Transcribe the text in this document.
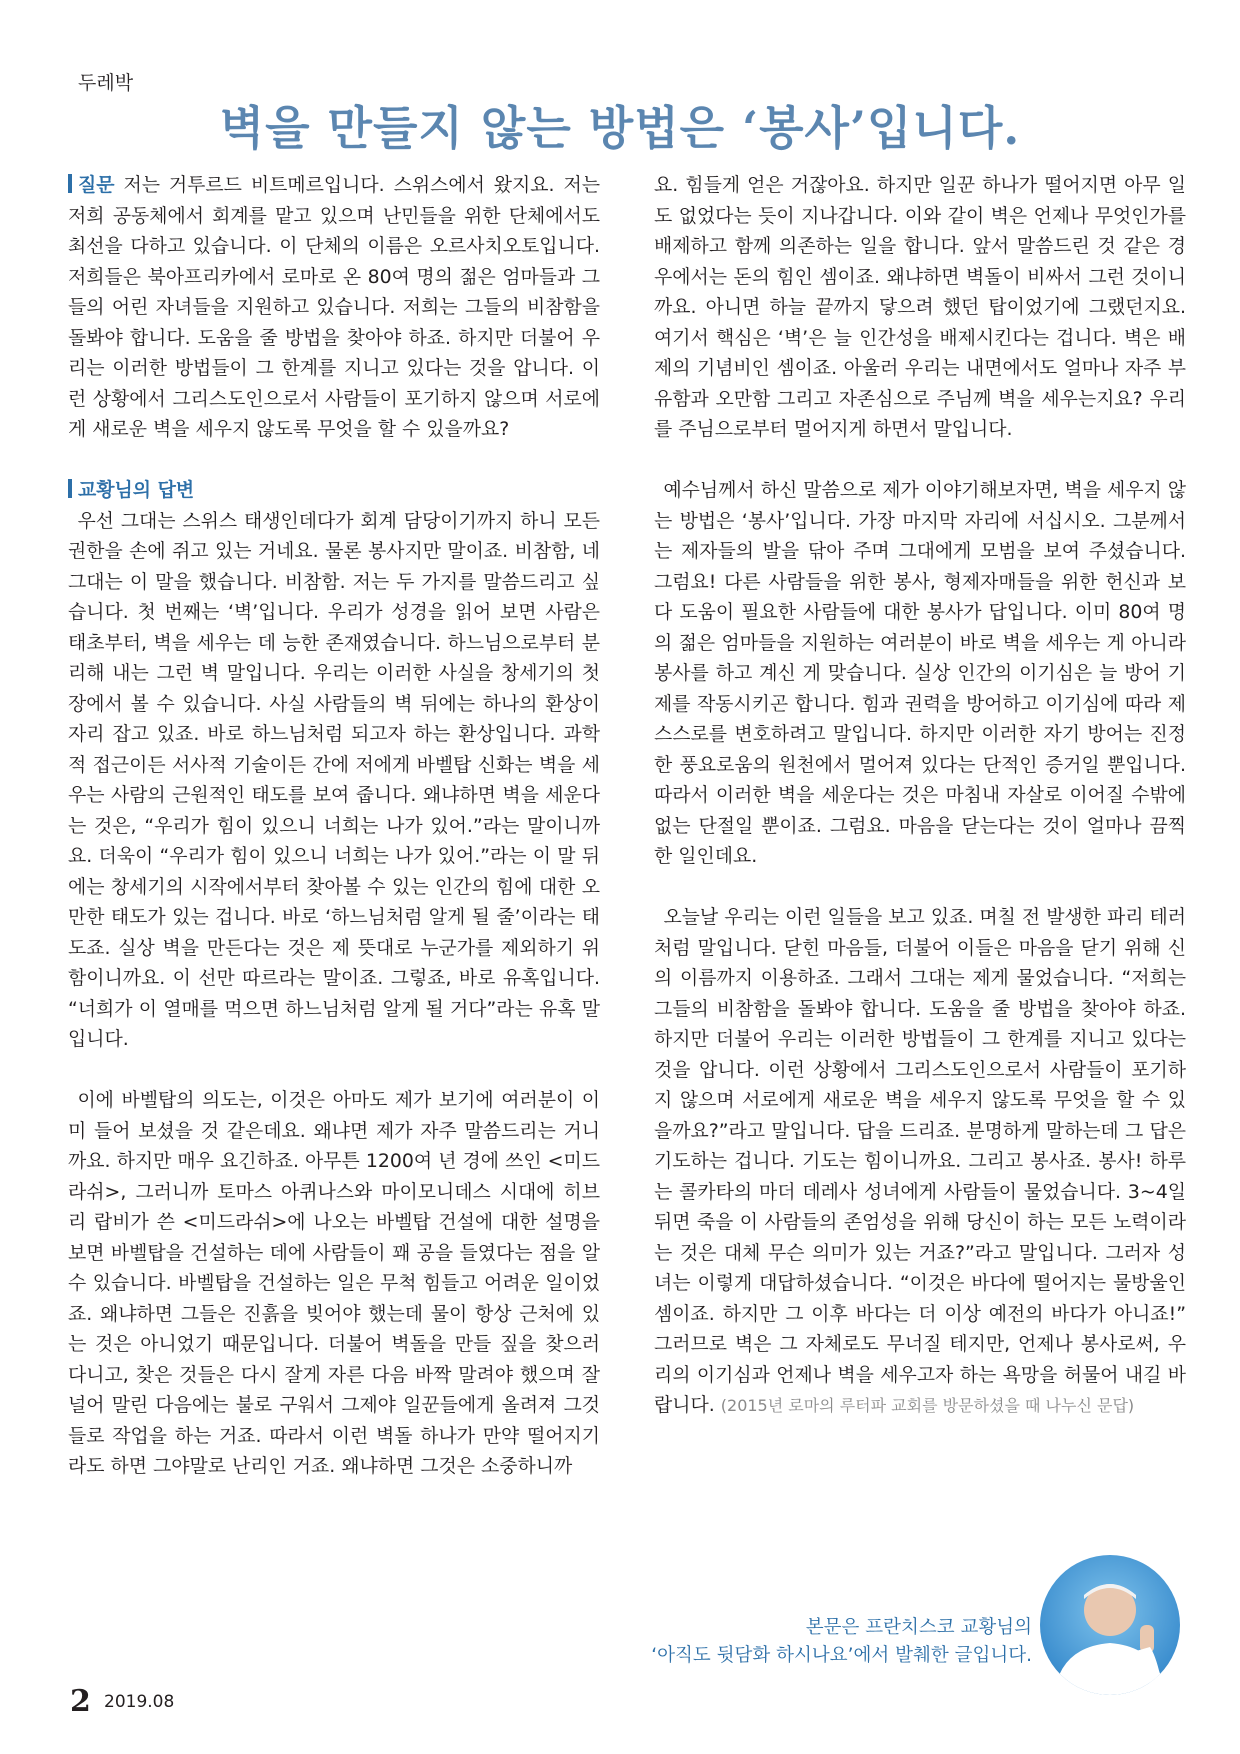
두레박
벽을 만들지 않는 방법은 ‘봉사’입니다.

질문 저는 거투르드 비트메르입니다. 스위스에서 왔지요. 저는 저희 공동체에서 회계를 맡고 있으며 난민들을 위한 단체에서도 최선을 다하고 있습니다. 이 단체의 이름은 오르사치오토입니다. 저희들은 북아프리카에서 로마로 온 80여 명의 젊은 엄마들과 그들의 어린 자녀들을 지원하고 있습니다. 저희는 그들의 비참함을 돌봐야 합니다. 도움을 줄 방법을 찾아야 하죠. 하지만 더불어 우리는 이러한 방법들이 그 한계를 지니고 있다는 것을 압니다. 이런 상황에서 그리스도인으로서 사람들이 포기하지 않으며 서로에게 새로운 벽을 세우지 않도록 무엇을 할 수 있을까요?

교황님의 답변

우선 그대는 스위스 태생인데다가 회계 담당이기까지 하니 모든 권한을 손에 쥐고 있는 거네요. 물론 봉사지만 말이죠. 비참함, 네 그대는 이 말을 했습니다. 비참함. 저는 두 가지를 말씀드리고 싶습니다. 첫 번째는 ‘벽’입니다. 우리가 성경을 읽어 보면 사람은 태초부터, 벽을 세우는 데 능한 존재였습니다. 하느님으로부터 분리해 내는 그런 벽 말입니다. 우리는 이러한 사실을 창세기의 첫 장에서 볼 수 있습니다. 사실 사람들의 벽 뒤에는 하나의 환상이 자리 잡고 있죠. 바로 하느님처럼 되고자 하는 환상입니다. 과학적 접근이든 서사적 기술이든 간에 저에게 바벨탑 신화는 벽을 세우는 사람의 근원적인 태도를 보여 줍니다. 왜냐하면 벽을 세운다는 것은, “우리가 힘이 있으니 너희는 나가 있어.”라는 말이니까요. 더욱이 “우리가 힘이 있으니 너희는 나가 있어.”라는 이 말 뒤에는 창세기의 시작에서부터 찾아볼 수 있는 인간의 힘에 대한 오만한 태도가 있는 겁니다. 바로 ‘하느님처럼 알게 될 줄’이라는 태도죠. 실상 벽을 만든다는 것은 제 뜻대로 누군가를 제외하기 위함이니까요. 이 선만 따르라는 말이죠. 그렇죠, 바로 유혹입니다. “너희가 이 열매를 먹으면 하느님처럼 알게 될 거다”라는 유혹 말입니다.

이에 바벨탑의 의도는, 이것은 아마도 제가 보기에 여러분이 이미 들어 보셨을 것 같은데요. 왜냐면 제가 자주 말씀드리는 거니까요. 하지만 매우 요긴하죠. 아무튼 1200여 년 경에 쓰인 <미드라쉬>, 그러니까 토마스 아퀴나스와 마이모니데스 시대에 히브리 랍비가 쓴 <미드라쉬>에 나오는 바벨탑 건설에 대한 설명을 보면 바벨탑을 건설하는 데에 사람들이 꽤 공을 들였다는 점을 알 수 있습니다. 바벨탑을 건설하는 일은 무척 힘들고 어려운 일이었죠. 왜냐하면 그들은 진흙을 빚어야 했는데 물이 항상 근처에 있는 것은 아니었기 때문입니다. 더불어 벽돌을 만들 짚을 찾으러 다니고, 찾은 것들은 다시 잘게 자른 다음 바짝 말려야 했으며 잘 널어 말린 다음에는 불로 구워서 그제야 일꾼들에게 올려져 그것들로 작업을 하는 거죠. 따라서 이런 벽돌 하나가 만약 떨어지기라도 하면 그야말로 난리인 거죠. 왜냐하면 그것은 소중하니까

요. 힘들게 얻은 거잖아요. 하지만 일꾼 하나가 떨어지면 아무 일도 없었다는 듯이 지나갑니다. 이와 같이 벽은 언제나 무엇인가를 배제하고 함께 의존하는 일을 합니다. 앞서 말씀드린 것 같은 경우에서는 돈의 힘인 셈이죠. 왜냐하면 벽돌이 비싸서 그런 것이니까요. 아니면 하늘 끝까지 닿으려 했던 탑이었기에 그랬던지요. 여기서 핵심은 ‘벽’은 늘 인간성을 배제시킨다는 겁니다. 벽은 배제의 기념비인 셈이죠. 아울러 우리는 내면에서도 얼마나 자주 부유함과 오만함 그리고 자존심으로 주님께 벽을 세우는지요? 우리를 주님으로부터 멀어지게 하면서 말입니다.

예수님께서 하신 말씀으로 제가 이야기해보자면, 벽을 세우지 않는 방법은 ‘봉사’입니다. 가장 마지막 자리에 서십시오. 그분께서는 제자들의 발을 닦아 주며 그대에게 모범을 보여 주셨습니다. 그럼요! 다른 사람들을 위한 봉사, 형제자매들을 위한 헌신과 보다 도움이 필요한 사람들에 대한 봉사가 답입니다. 이미 80여 명의 젊은 엄마들을 지원하는 여러분이 바로 벽을 세우는 게 아니라 봉사를 하고 계신 게 맞습니다. 실상 인간의 이기심은 늘 방어 기제를 작동시키곤 합니다. 힘과 권력을 방어하고 이기심에 따라 제 스스로를 변호하려고 말입니다. 하지만 이러한 자기 방어는 진정한 풍요로움의 원천에서 멀어져 있다는 단적인 증거일 뿐입니다. 따라서 이러한 벽을 세운다는 것은 마침내 자살로 이어질 수밖에 없는 단절일 뿐이죠. 그럼요. 마음을 닫는다는 것이 얼마나 끔찍한 일인데요.

오늘날 우리는 이런 일들을 보고 있죠. 며칠 전 발생한 파리 테러처럼 말입니다. 닫힌 마음들, 더불어 이들은 마음을 닫기 위해 신의 이름까지 이용하죠. 그래서 그대는 제게 물었습니다. “저희는 그들의 비참함을 돌봐야 합니다. 도움을 줄 방법을 찾아야 하죠. 하지만 더불어 우리는 이러한 방법들이 그 한계를 지니고 있다는 것을 압니다. 이런 상황에서 그리스도인으로서 사람들이 포기하지 않으며 서로에게 새로운 벽을 세우지 않도록 무엇을 할 수 있을까요?”라고 말입니다. 답을 드리죠. 분명하게 말하는데 그 답은 기도하는 겁니다. 기도는 힘이니까요. 그리고 봉사죠. 봉사! 하루는 콜카타의 마더 데레사 성녀에게 사람들이 물었습니다. 3~4일 뒤면 죽을 이 사람들의 존엄성을 위해 당신이 하는 모든 노력이라는 것은 대체 무슨 의미가 있는 거죠?”라고 말입니다. 그러자 성녀는 이렇게 대답하셨습니다. “이것은 바다에 떨어지는 물방울인 셈이죠. 하지만 그 이후 바다는 더 이상 예전의 바다가 아니죠!” 그러므로 벽은 그 자체로도 무너질 테지만, 언제나 봉사로써, 우리의 이기심과 언제나 벽을 세우고자 하는 욕망을 허물어 내길 바랍니다. (2015년 로마의 루터파 교회를 방문하셨을 때 나누신 문답)

본문은 프란치스코 교황님의
‘아직도 뒷담화 하시나요’에서 발췌한 글입니다.
2 2019.08
